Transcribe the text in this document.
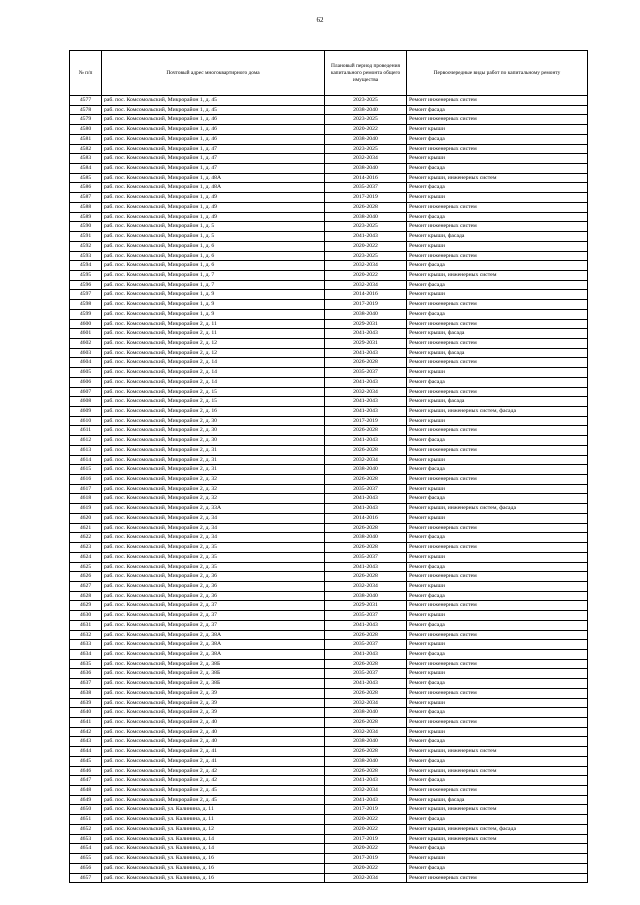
62
№ п/п	Почтовый адрес многоквартирного дома	Плановый период проведения капитального ремонта общего имущества	Первоочередные виды работ по капитальному ремонту
4577	раб. пос. Комсомольский, Микрорайон 1, д. 45	2023-2025	Ремонт инженерных систем
4578	раб. пос. Комсомольский, Микрорайон 1, д. 45	2038-2040	Ремонт фасада
4579	раб. пос. Комсомольский, Микрорайон 1, д. 46	2023-2025	Ремонт инженерных систем
4580	раб. пос. Комсомольский, Микрорайон 1, д. 46	2020-2022	Ремонт крыши
4581	раб. пос. Комсомольский, Микрорайон 1, д. 46	2038-2040	Ремонт фасада
4582	раб. пос. Комсомольский, Микрорайон 1, д. 47	2023-2025	Ремонт инженерных систем
4583	раб. пос. Комсомольский, Микрорайон 1, д. 47	2032-2034	Ремонт крыши
4584	раб. пос. Комсомольский, Микрорайон 1, д. 47	2038-2040	Ремонт фасада
4585	раб. пос. Комсомольский, Микрорайон 1, д. 48А	2014-2016	Ремонт крыши, инженерных систем
4586	раб. пос. Комсомольский, Микрорайон 1, д. 48А	2035-2037	Ремонт фасада
4587	раб. пос. Комсомольский, Микрорайон 1, д. 49	2017-2019	Ремонт крыши
4588	раб. пос. Комсомольский, Микрорайон 1, д. 49	2026-2028	Ремонт инженерных систем
4589	раб. пос. Комсомольский, Микрорайон 1, д. 49	2038-2040	Ремонт фасада
4590	раб. пос. Комсомольский, Микрорайон 1, д. 5	2023-2025	Ремонт инженерных систем
4591	раб. пос. Комсомольский, Микрорайон 1, д. 5	2041-2043	Ремонт крыши, фасада
4592	раб. пос. Комсомольский, Микрорайон 1, д. 6	2020-2022	Ремонт крыши
4593	раб. пос. Комсомольский, Микрорайон 1, д. 6	2023-2025	Ремонт инженерных систем
4594	раб. пос. Комсомольский, Микрорайон 1, д. 6	2032-2034	Ремонт фасада
4595	раб. пос. Комсомольский, Микрорайон 1, д. 7	2020-2022	Ремонт крыши, инженерных систем
4596	раб. пос. Комсомольский, Микрорайон 1, д. 7	2032-2034	Ремонт фасада
4597	раб. пос. Комсомольский, Микрорайон 1, д. 9	2014-2016	Ремонт крыши
4598	раб. пос. Комсомольский, Микрорайон 1, д. 9	2017-2019	Ремонт инженерных систем
4599	раб. пос. Комсомольский, Микрорайон 1, д. 9	2038-2040	Ремонт фасада
4600	раб. пос. Комсомольский, Микрорайон 2, д. 11	2029-2031	Ремонт инженерных систем
4601	раб. пос. Комсомольский, Микрорайон 2, д. 11	2041-2043	Ремонт крыши, фасада
4602	раб. пос. Комсомольский, Микрорайон 2, д. 12	2029-2031	Ремонт инженерных систем
4603	раб. пос. Комсомольский, Микрорайон 2, д. 12	2041-2043	Ремонт крыши, фасада
4604	раб. пос. Комсомольский, Микрорайон 2, д. 14	2026-2028	Ремонт инженерных систем
4605	раб. пос. Комсомольский, Микрорайон 2, д. 14	2035-2037	Ремонт крыши
4606	раб. пос. Комсомольский, Микрорайон 2, д. 14	2041-2043	Ремонт фасада
4607	раб. пос. Комсомольский, Микрорайон 2, д. 15	2032-2034	Ремонт инженерных систем
4608	раб. пос. Комсомольский, Микрорайон 2, д. 15	2041-2043	Ремонт крыши, фасада
4609	раб. пос. Комсомольский, Микрорайон 2, д. 16	2041-2043	Ремонт крыши, инженерных систем, фасада
4610	раб. пос. Комсомольский, Микрорайон 2, д. 30	2017-2019	Ремонт крыши
4611	раб. пос. Комсомольский, Микрорайон 2, д. 30	2026-2028	Ремонт инженерных систем
4612	раб. пос. Комсомольский, Микрорайон 2, д. 30	2041-2043	Ремонт фасада
4613	раб. пос. Комсомольский, Микрорайон 2, д. 31	2026-2028	Ремонт инженерных систем
4614	раб. пос. Комсомольский, Микрорайон 2, д. 31	2032-2034	Ремонт крыши
4615	раб. пос. Комсомольский, Микрорайон 2, д. 31	2038-2040	Ремонт фасада
4616	раб. пос. Комсомольский, Микрорайон 2, д. 32	2026-2028	Ремонт инженерных систем
4617	раб. пос. Комсомольский, Микрорайон 2, д. 32	2035-2037	Ремонт крыши
4618	раб. пос. Комсомольский, Микрорайон 2, д. 32	2041-2043	Ремонт фасада
4619	раб. пос. Комсомольский, Микрорайон 2, д. 33А	2041-2043	Ремонт крыши, инженерных систем, фасада
4620	раб. пос. Комсомольский, Микрорайон 2, д. 34	2014-2016	Ремонт крыши
4621	раб. пос. Комсомольский, Микрорайон 2, д. 34	2026-2028	Ремонт инженерных систем
4622	раб. пос. Комсомольский, Микрорайон 2, д. 34	2038-2040	Ремонт фасада
4623	раб. пос. Комсомольский, Микрорайон 2, д. 35	2026-2028	Ремонт инженерных систем
4624	раб. пос. Комсомольский, Микрорайон 2, д. 35	2035-2037	Ремонт крыши
4625	раб. пос. Комсомольский, Микрорайон 2, д. 35	2041-2043	Ремонт фасада
4626	раб. пос. Комсомольский, Микрорайон 2, д. 36	2026-2028	Ремонт инженерных систем
4627	раб. пос. Комсомольский, Микрорайон 2, д. 36	2032-2034	Ремонт крыши
4628	раб. пос. Комсомольский, Микрорайон 2, д. 36	2038-2040	Ремонт фасада
4629	раб. пос. Комсомольский, Микрорайон 2, д. 37	2029-2031	Ремонт инженерных систем
4630	раб. пос. Комсомольский, Микрорайон 2, д. 37	2035-2037	Ремонт крыши
4631	раб. пос. Комсомольский, Микрорайон 2, д. 37	2041-2043	Ремонт фасада
4632	раб. пос. Комсомольский, Микрорайон 2, д. 38А	2026-2028	Ремонт инженерных систем
4633	раб. пос. Комсомольский, Микрорайон 2, д. 38А	2035-2037	Ремонт крыши
4634	раб. пос. Комсомольский, Микрорайон 2, д. 38А	2041-2043	Ремонт фасада
4635	раб. пос. Комсомольский, Микрорайон 2, д. 38Б	2026-2028	Ремонт инженерных систем
4636	раб. пос. Комсомольский, Микрорайон 2, д. 38Б	2035-2037	Ремонт крыши
4637	раб. пос. Комсомольский, Микрорайон 2, д. 38Б	2041-2043	Ремонт фасада
4638	раб. пос. Комсомольский, Микрорайон 2, д. 39	2026-2028	Ремонт инженерных систем
4639	раб. пос. Комсомольский, Микрорайон 2, д. 39	2032-2034	Ремонт крыши
4640	раб. пос. Комсомольский, Микрорайон 2, д. 39	2038-2040	Ремонт фасада
4641	раб. пос. Комсомольский, Микрорайон 2, д. 40	2026-2028	Ремонт инженерных систем
4642	раб. пос. Комсомольский, Микрорайон 2, д. 40	2032-2034	Ремонт крыши
4643	раб. пос. Комсомольский, Микрорайон 2, д. 40	2038-2040	Ремонт фасада
4644	раб. пос. Комсомольский, Микрорайон 2, д. 41	2026-2028	Ремонт крыши, инженерных систем
4645	раб. пос. Комсомольский, Микрорайон 2, д. 41	2038-2040	Ремонт фасада
4646	раб. пос. Комсомольский, Микрорайон 2, д. 42	2026-2028	Ремонт крыши, инженерных систем
4647	раб. пос. Комсомольский, Микрорайон 2, д. 42	2041-2043	Ремонт фасада
4648	раб. пос. Комсомольский, Микрорайон 2, д. 45	2032-2034	Ремонт инженерных систем
4649	раб. пос. Комсомольский, Микрорайон 2, д. 45	2041-2043	Ремонт крыши, фасада
4650	раб. пос. Комсомольский, ул. Калинина, д. 11	2017-2019	Ремонт крыши, инженерных систем
4651	раб. пос. Комсомольский, ул. Калинина, д. 11	2020-2022	Ремонт фасада
4652	раб. пос. Комсомольский, ул. Калинина, д. 12	2020-2022	Ремонт крыши, инженерных систем, фасада
4653	раб. пос. Комсомольский, ул. Калинина, д. 14	2017-2019	Ремонт крыши, инженерных систем
4654	раб. пос. Комсомольский, ул. Калинина, д. 14	2020-2022	Ремонт фасада
4655	раб. пос. Комсомольский, ул. Калинина, д. 16	2017-2019	Ремонт крыши
4656	раб. пос. Комсомольский, ул. Калинина, д. 16	2020-2022	Ремонт фасада
4657	раб. пос. Комсомольский, ул. Калинина, д. 16	2032-2034	Ремонт инженерных систем
